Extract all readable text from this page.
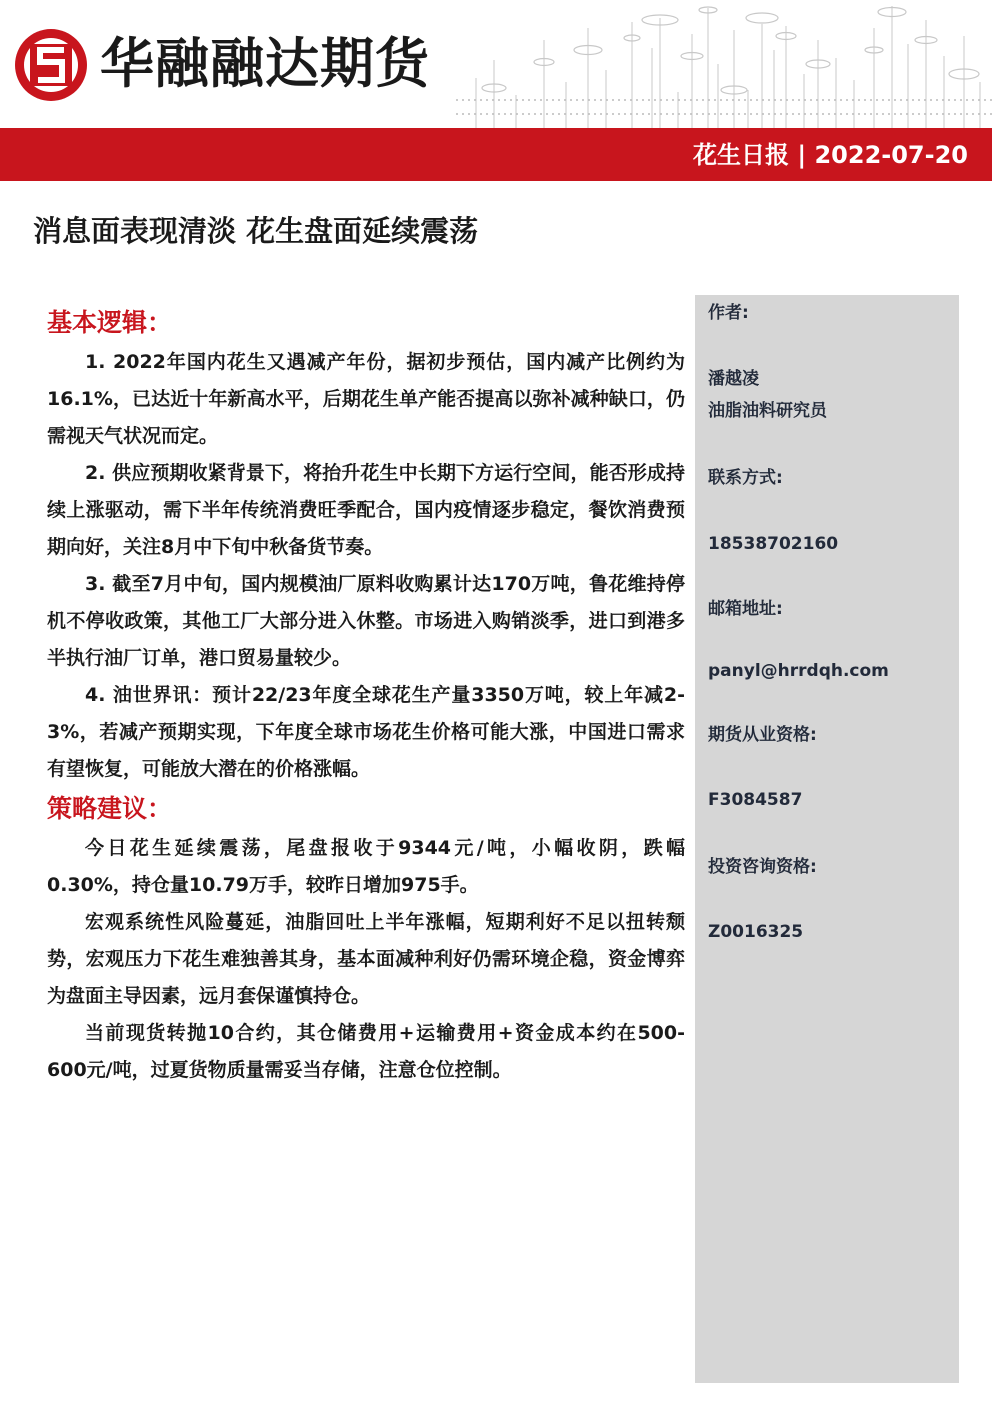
华融融达期货
花生日报 | 2022-07-20
消息面表现清淡 花生盘面延续震荡
基本逻辑：

1. 2022年国内花生又遇减产年份，据初步预估，国内减产比例约为16.1%，已达近十年新高水平，后期花生单产能否提高以弥补减种缺口，仍需视天气状况而定。

2. 供应预期收紧背景下，将抬升花生中长期下方运行空间，能否形成持续上涨驱动，需下半年传统消费旺季配合，国内疫情逐步稳定，餐饮消费预期向好，关注8月中下旬中秋备货节奏。

3. 截至7月中旬，国内规模油厂原料收购累计达170万吨，鲁花维持停机不停收政策，其他工厂大部分进入休整。市场进入购销淡季，进口到港多半执行油厂订单，港口贸易量较少。

4. 油世界讯：预计22/23年度全球花生产量3350万吨，较上年减2-3%，若减产预期实现，下年度全球市场花生价格可能大涨，中国进口需求有望恢复，可能放大潜在的价格涨幅。

策略建议：

今日花生延续震荡，尾盘报收于9344元/吨，小幅收阴，跌幅0.30%，持仓量10.79万手，较昨日增加975手。

宏观系统性风险蔓延，油脂回吐上半年涨幅，短期利好不足以扭转颓势，宏观压力下花生难独善其身，基本面减种利好仍需环境企稳，资金博弈为盘面主导因素，远月套保谨慎持仓。

当前现货转抛10合约，其仓储费用+运输费用+资金成本约在500-600元/吨，过夏货物质量需妥当存储，注意仓位控制。

作者:
潘越凌
油脂油料研究员
联系方式:
18538702160
邮箱地址:
panyl@hrrdqh.com
期货从业资格:
F3084587
投资咨询资格:
Z0016325
